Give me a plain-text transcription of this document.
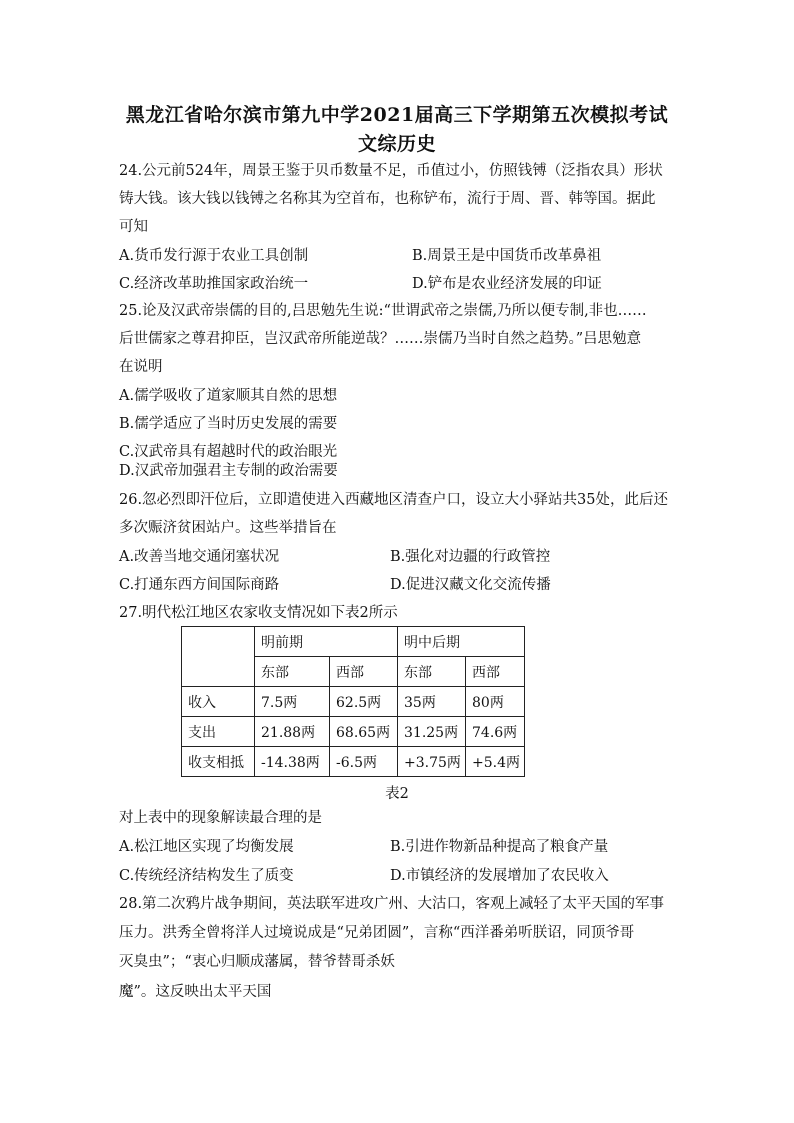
黑龙江省哈尔滨市第九中学2021届高三下学期第五次模拟考试
文综历史
24.公元前524年，周景王鉴于贝币数量不足，币值过小，仿照钱镈（泛指农具）形状
铸大钱。该大钱以钱镈之名称其为空首布，也称铲布，流行于周、晋、韩等国。据此
可知
A.货币发行源于农业工具创制	B.周景王是中国货币改革鼻祖
C.经济改革助推国家政治统一	D.铲布是农业经济发展的印证
25.论及汉武帝崇儒的目的,吕思勉先生说:“世谓武帝之崇儒,乃所以便专制,非也……
后世儒家之尊君抑臣，岂汉武帝所能逆哉？……崇儒乃当时自然之趋势。”吕思勉意
在说明
A.儒学吸收了道家顺其自然的思想
B.儒学适应了当时历史发展的需要
C.汉武帝具有超越时代的政治眼光
D.汉武帝加强君主专制的政治需要
26.忽必烈即汗位后，立即遣使进入西藏地区清查户口，设立大小驿站共35处，此后还
多次赈济贫困站户。这些举措旨在
A.改善当地交通闭塞状况	B.强化对边疆的行政管控
C.打通东西方间国际商路	D.促进汉藏文化交流传播
27.明代松江地区农家收支情况如下表2所示
	明前期		明中后期	
	东部	西部	东部	西部
收入	7.5两	62.5两	35两	80两
支出	21.88两	68.65两	31.25两	74.6两
收支相抵	-14.38两	-6.5两	+3.75两	+5.4两
表2
对上表中的现象解读最合理的是
A.松江地区实现了均衡发展	B.引进作物新品种提高了粮食产量
C.传统经济结构发生了质变	D.市镇经济的发展增加了农民收入
28.第二次鸦片战争期间，英法联军进攻广州、大沽口，客观上减轻了太平天国的军事
压力。洪秀全曾将洋人过境说成是“兄弟团圆”，言称“西洋番弟听朕诏，同顶爷哥
灭臭虫”；“衷心归顺成藩属，替爷替哥杀妖
魔”。这反映出太平天国
